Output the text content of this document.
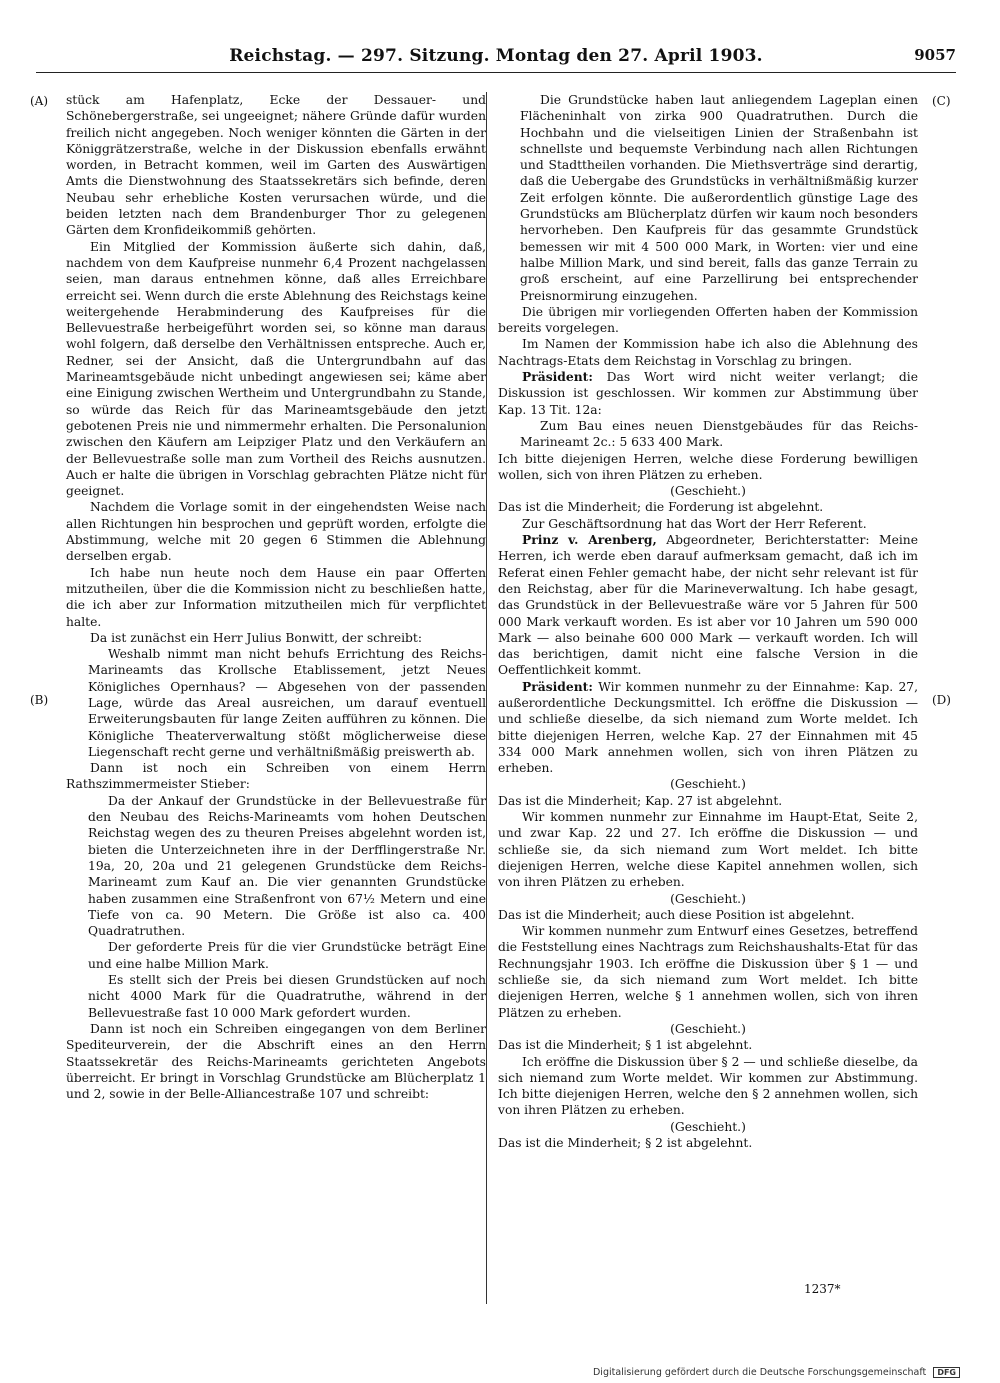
Reichstag. — 297. Sitzung. Montag den 27. April 1903.	9057
(A)
(B)
(C)
(D)

stück am Hafenplatz, Ecke der Dessauer- und Schönebergerstraße, sei ungeeignet; nähere Gründe dafür wurden freilich nicht angegeben. Noch weniger könnten die Gärten in der Königgrätzerstraße, welche in der Diskussion ebenfalls erwähnt worden, in Betracht kommen, weil im Garten des Auswärtigen Amts die Dienstwohnung des Staatssekretärs sich befinde, deren Neubau sehr erhebliche Kosten verursachen würde, und die beiden letzten nach dem Brandenburger Thor zu gelegenen Gärten dem Kronfideikommiß gehörten.

Ein Mitglied der Kommission äußerte sich dahin, daß, nachdem von dem Kaufpreise nunmehr 6,4 Prozent nachgelassen seien, man daraus entnehmen könne, daß alles Erreichbare erreicht sei. Wenn durch die erste Ablehnung des Reichstags keine weitergehende Herabminderung des Kaufpreises für die Bellevuestraße herbeigeführt worden sei, so könne man daraus wohl folgern, daß derselbe den Verhältnissen entspreche. Auch er, Redner, sei der Ansicht, daß die Untergrundbahn auf das Marineamtsgebäude nicht unbedingt angewiesen sei; käme aber eine Einigung zwischen Wertheim und Untergrundbahn zu Stande, so würde das Reich für das Marineamtsgebäude den jetzt gebotenen Preis nie und nimmermehr erhalten. Die Personalunion zwischen den Käufern am Leipziger Platz und den Verkäufern an der Bellevuestraße solle man zum Vortheil des Reichs ausnutzen. Auch er halte die übrigen in Vorschlag gebrachten Plätze nicht für geeignet.

Nachdem die Vorlage somit in der eingehendsten Weise nach allen Richtungen hin besprochen und geprüft worden, erfolgte die Abstimmung, welche mit 20 gegen 6 Stimmen die Ablehnung derselben ergab.

Ich habe nun heute noch dem Hause ein paar Offerten mitzutheilen, über die die Kommission nicht zu beschließen hatte, die ich aber zur Information mitzutheilen mich für verpflichtet halte.

Da ist zunächst ein Herr Julius Bonwitt, der schreibt:

Weshalb nimmt man nicht behufs Errichtung des Reichs-Marineamts das Krollsche Etablissement, jetzt Neues Königliches Opernhaus? — Abgesehen von der passenden Lage, würde das Areal ausreichen, um darauf eventuell Erweiterungsbauten für lange Zeiten aufführen zu können. Die Königliche Theaterverwaltung stößt möglicherweise diese Liegenschaft recht gerne und verhältnißmäßig preiswerth ab.

Dann ist noch ein Schreiben von einem Herrn Rathszimmermeister Stieber:

Da der Ankauf der Grundstücke in der Bellevuestraße für den Neubau des Reichs-Marineamts vom hohen Deutschen Reichstag wegen des zu theuren Preises abgelehnt worden ist, bieten die Unterzeichneten ihre in der Derfflingerstraße Nr. 19a, 20, 20a und 21 gelegenen Grundstücke dem Reichs-Marineamt zum Kauf an. Die vier genannten Grundstücke haben zusammen eine Straßenfront von 67½ Metern und eine Tiefe von ca. 90 Metern. Die Größe ist also ca. 400 Quadratruthen.

Der geforderte Preis für die vier Grundstücke beträgt Eine und eine halbe Million Mark.

Es stellt sich der Preis bei diesen Grundstücken auf noch nicht 4000 Mark für die Quadratruthe, während in der Bellevuestraße fast 10 000 Mark gefordert wurden.

Dann ist noch ein Schreiben eingegangen von dem Berliner Spediteurverein, der die Abschrift eines an den Herrn Staatssekretär des Reichs-Marineamts gerichteten Angebots überreicht. Er bringt in Vorschlag Grundstücke am Blücherplatz 1 und 2, sowie in der Belle-Alliancestraße 107 und schreibt:

Die Grundstücke haben laut anliegendem Lageplan einen Flächeninhalt von zirka 900 Quadratruthen. Durch die Hochbahn und die vielseitigen Linien der Straßenbahn ist schnellste und bequemste Verbindung nach allen Richtungen und Stadttheilen vorhanden. Die Miethsverträge sind derartig, daß die Uebergabe des Grundstücks in verhältnißmäßig kurzer Zeit erfolgen könnte. Die außerordentlich günstige Lage des Grundstücks am Blücherplatz dürfen wir kaum noch besonders hervorheben. Den Kaufpreis für das gesammte Grundstück bemessen wir mit 4 500 000 Mark, in Worten: vier und eine halbe Million Mark, und sind bereit, falls das ganze Terrain zu groß erscheint, auf eine Parzellirung bei entsprechender Preisnormirung einzugehen.

Die übrigen mir vorliegenden Offerten haben der Kommission bereits vorgelegen.

Im Namen der Kommission habe ich also die Ablehnung des Nachtrags-Etats dem Reichstag in Vorschlag zu bringen.

Präsident: Das Wort wird nicht weiter verlangt; die Diskussion ist geschlossen. Wir kommen zur Abstimmung über Kap. 13 Tit. 12a:

Zum Bau eines neuen Dienstgebäudes für das Reichs-Marineamt 2c.: 5 633 400 Mark.

Ich bitte diejenigen Herren, welche diese Forderung bewilligen wollen, sich von ihren Plätzen zu erheben.

(Geschieht.)

Das ist die Minderheit; die Forderung ist abgelehnt.

Zur Geschäftsordnung hat das Wort der Herr Referent.

Prinz v. Arenberg, Abgeordneter, Berichterstatter: Meine Herren, ich werde eben darauf aufmerksam gemacht, daß ich im Referat einen Fehler gemacht habe, der nicht sehr relevant ist für den Reichstag, aber für die Marineverwaltung. Ich habe gesagt, das Grundstück in der Bellevuestraße wäre vor 5 Jahren für 500 000 Mark verkauft worden. Es ist aber vor 10 Jahren um 590 000 Mark — also beinahe 600 000 Mark — verkauft worden. Ich will das berichtigen, damit nicht eine falsche Version in die Oeffentlichkeit kommt.

Präsident: Wir kommen nunmehr zu der Einnahme: Kap. 27, außerordentliche Deckungsmittel. Ich eröffne die Diskussion — und schließe dieselbe, da sich niemand zum Worte meldet. Ich bitte diejenigen Herren, welche Kap. 27 der Einnahmen mit 45 334 000 Mark annehmen wollen, sich von ihren Plätzen zu erheben.

(Geschieht.)

Das ist die Minderheit; Kap. 27 ist abgelehnt.

Wir kommen nunmehr zur Einnahme im Haupt-Etat, Seite 2, und zwar Kap. 22 und 27. Ich eröffne die Diskussion — und schließe sie, da sich niemand zum Wort meldet. Ich bitte diejenigen Herren, welche diese Kapitel annehmen wollen, sich von ihren Plätzen zu erheben.

(Geschieht.)

Das ist die Minderheit; auch diese Position ist abgelehnt.

Wir kommen nunmehr zum Entwurf eines Gesetzes, betreffend die Feststellung eines Nachtrags zum Reichshaushalts-Etat für das Rechnungsjahr 1903. Ich eröffne die Diskussion über § 1 — und schließe sie, da sich niemand zum Wort meldet. Ich bitte diejenigen Herren, welche § 1 annehmen wollen, sich von ihren Plätzen zu erheben.

(Geschieht.)

Das ist die Minderheit; § 1 ist abgelehnt.

Ich eröffne die Diskussion über § 2 — und schließe dieselbe, da sich niemand zum Worte meldet. Wir kommen zur Abstimmung. Ich bitte diejenigen Herren, welche den § 2 annehmen wollen, sich von ihren Plätzen zu erheben.

(Geschieht.)

Das ist die Minderheit; § 2 ist abgelehnt.

1237*
Digitalisierung gefördert durch die Deutsche Forschungsgemeinschaft DFG
